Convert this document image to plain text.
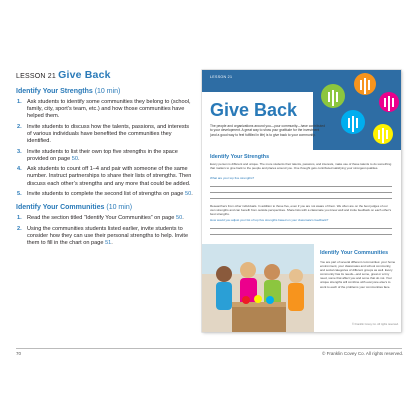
LESSON 21 Give Back
Identify Your Strengths (10 min)
1. Ask students to identify some communities they belong to (school, family, city, sport’s team, etc.) and how those communities have helped them.
2. Invite students to discuss how the talents, passions, and interests of various individuals have benefited the communities they identified.
3. Invite students to list their own top five strengths in the space provided on page 50.
4. Ask students to count off 1–4 and pair with someone of the same number. Instruct partnerships to share their lists of strengths. Then discuss each other’s strengths and any more that could be added.
5. Invite students to complete the second list of strengths on page 50.
Identify Your Communities (10 min)
1. Read the section titled “Identify Your Communities” on page 50.
2. Using the communities students listed earlier, invite students to consider how they can use their personal strengths to help. Invite them to fill in the chart on page 51.
LESSON 21
Give Back
The people and organizations around you—your community—have contributed to your development. A great way to show your gratitude for the investment (and a good way to feel fulfilled in life) is to give back to your community.
Identify Your Strengths
Every person is different and unique. The more students their talents, passions, and interests, make use of these talents to do something that matters to give back to the people and places around you. One thought gets contributed satisfying your strongest qualities.
What are your top five strengths?
Researchers from other individuals. In addition to those five, even if you are not aware of them. We often are on the best judges of our own strengths and can benefit from outside perspectives. Share lists with a classmate you know well and invite feedback on each other's best strengths.
How would you adjust your list of top five strengths based on your classmate’s feedback?
Identify Your Communities
You are part of several different communities: your home environment, your classmates and school community, and social categories of different groups as well. Every community has its needs—and some, great or a tiny need, some that affect you and some that do not. Your unique strengths will combine with everyone else's to work to each of the problems your communities face.
© Franklin Covey Co. All rights reserved.
70	© Franklin Covey Co. All rights reserved.
